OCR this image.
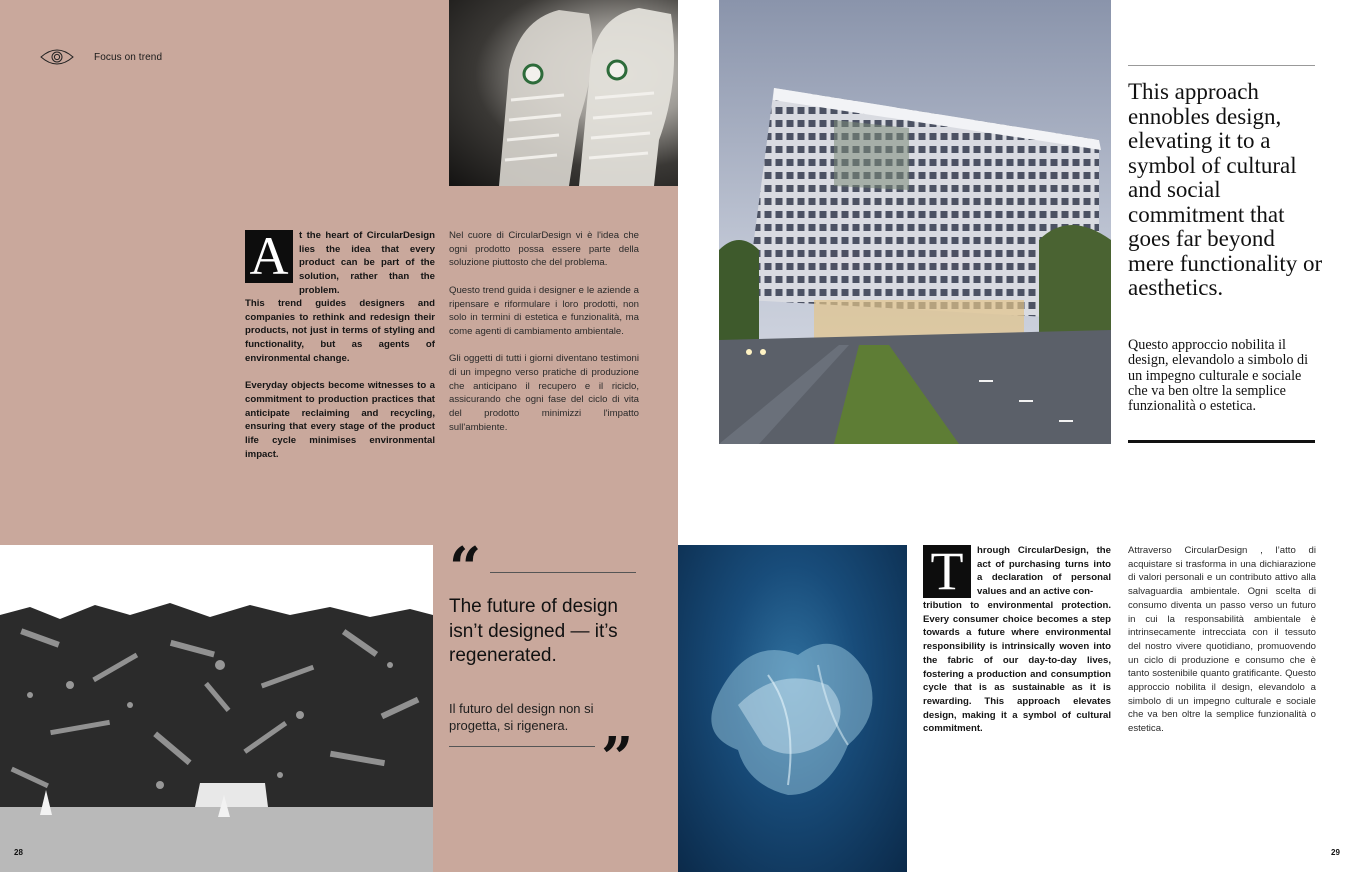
Focus on trend
A	t the heart of CircularDesign lies the idea that every product can be part of the solution, rather than the problem.

This trend guides designers and companies to rethink and redesign their products, not just in terms of styling and functionality, but as agents of environmental change.

Everyday objects become witnesses to a commitment to production practices that anticipate reclaiming and recycling, ensuring that every stage of the product life cycle minimises environmental impact.

Nel cuore di CircularDesign vi è l'idea che ogni prodotto possa essere parte della soluzione piuttosto che del problema.

Questo trend guida i designer e le aziende a ripensare e riformulare i loro prodotti, non solo in termini di estetica e funzionalità, ma come agenti di cambiamento ambientale.

Gli oggetti di tutti i giorni diventano testimoni di un impegno verso pratiche di produzione che anticipano il recupero e il riciclo, assicurando che ogni fase del ciclo di vita del prodotto minimizzi l'impatto sull'ambiente.

“
The future of design isn’t designed — it’s regenerated.
Il futuro del design non si progetta, si rigenera. ”
28
This approach ennobles design, elevating it to a symbol of cultural and social commitment that goes far beyond mere functionality or aesthetics.
Questo approccio nobilita il design, elevandolo a simbolo di un impegno culturale e sociale che va ben oltre la semplice funzionalità o estetica.
T	hrough CircularDesign, the act of purchasing turns into a declaration of personal values and an active con-

tribution to environmental protection. Every consumer choice becomes a step towards a future where environmental responsibility is intrinsically woven into the fabric of our day-to-day lives, fostering a production and consumption cycle that is as sustainable as it is rewarding. This approach elevates design, making it a symbol of cultural commitment.

Attraverso CircularDesign , l’atto di acquistare si trasforma in una dichiarazione di valori personali e un contributo attivo alla salvaguardia ambientale. Ogni scelta di consumo diventa un passo verso un futuro in cui la responsabilità ambientale è intrinsecamente intrecciata con il tessuto del nostro vivere quotidiano, promuovendo un ciclo di produzione e consumo che è tanto sostenibile quanto gratificante. Questo approccio nobilita il design, elevandolo a simbolo di un impegno culturale e sociale che va ben oltre la semplice funzionalità o estetica.

29
